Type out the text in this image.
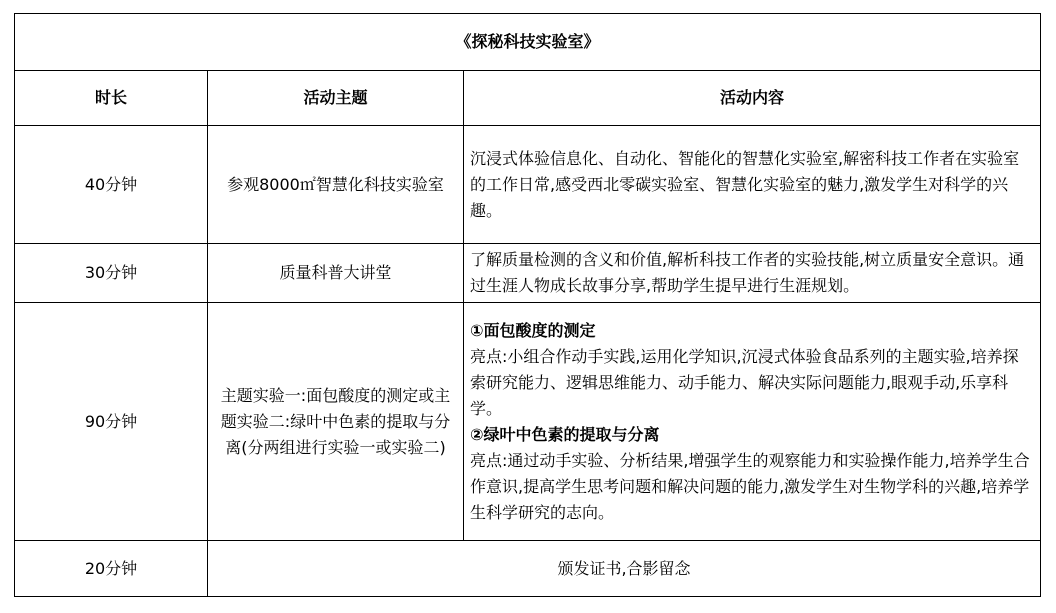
《探秘科技实验室》		
时长	活动主题	活动内容
40分钟	参观8000㎡智慧化科技实验室	沉浸式体验信息化、自动化、智能化的智慧化实验室,解密科技工作者在实验室的工作日常,感受西北零碳实验室、智慧化实验室的魅力,激发学生对科学的兴趣。
30分钟	质量科普大讲堂	了解质量检测的含义和价值,解析科技工作者的实验技能,树立质量安全意识。通过生涯人物成长故事分享,帮助学生提早进行生涯规划。
90分钟	主题实验一:面包酸度的测定或主题实验二:绿叶中色素的提取与分离(分两组进行实验一或实验二)	①面包酸度的测定
亮点:小组合作动手实践,运用化学知识,沉浸式体验食品系列的主题实验,培养探索研究能力、逻辑思维能力、动手能力、解决实际问题能力,眼观手动,乐享科学。
②绿叶中色素的提取与分离
亮点:通过动手实验、分析结果,增强学生的观察能力和实验操作能力,培养学生合作意识,提高学生思考问题和解决问题的能力,激发学生对生物学科的兴趣,培养学生科学研究的志向。

20分钟	颁发证书,合影留念	
